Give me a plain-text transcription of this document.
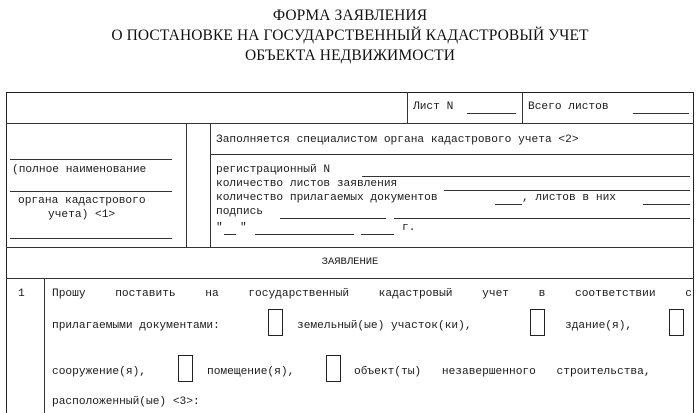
ФОРМА ЗАЯВЛЕНИЯ
О ПОСТАНОВКЕ НА ГОСУДАРСТВЕННЫЙ КАДАСТРОВЫЙ УЧЕТ
ОБЪЕКТА НЕДВИЖИМОСТИ
Лист N	Всего листов
(полное наименование
органа кадастрового
учета) <1>
Заполняется специалистом органа кадастрового учета <2>
регистрационный N
количество листов заявления
количество прилагаемых документов	, листов в них
подпись
" "	г.
ЗАЯВЛЕНИЕ
1 Прошу	поставить	на	государственный	кадастровый	учет	в	соответствии	с
прилагаемыми документами:	земельный(ые) участок(ки),	здание(я),
сооружение(я),	помещение(я),	объект(ты) незавершенного строительства,
расположенный(ые) <3>:
